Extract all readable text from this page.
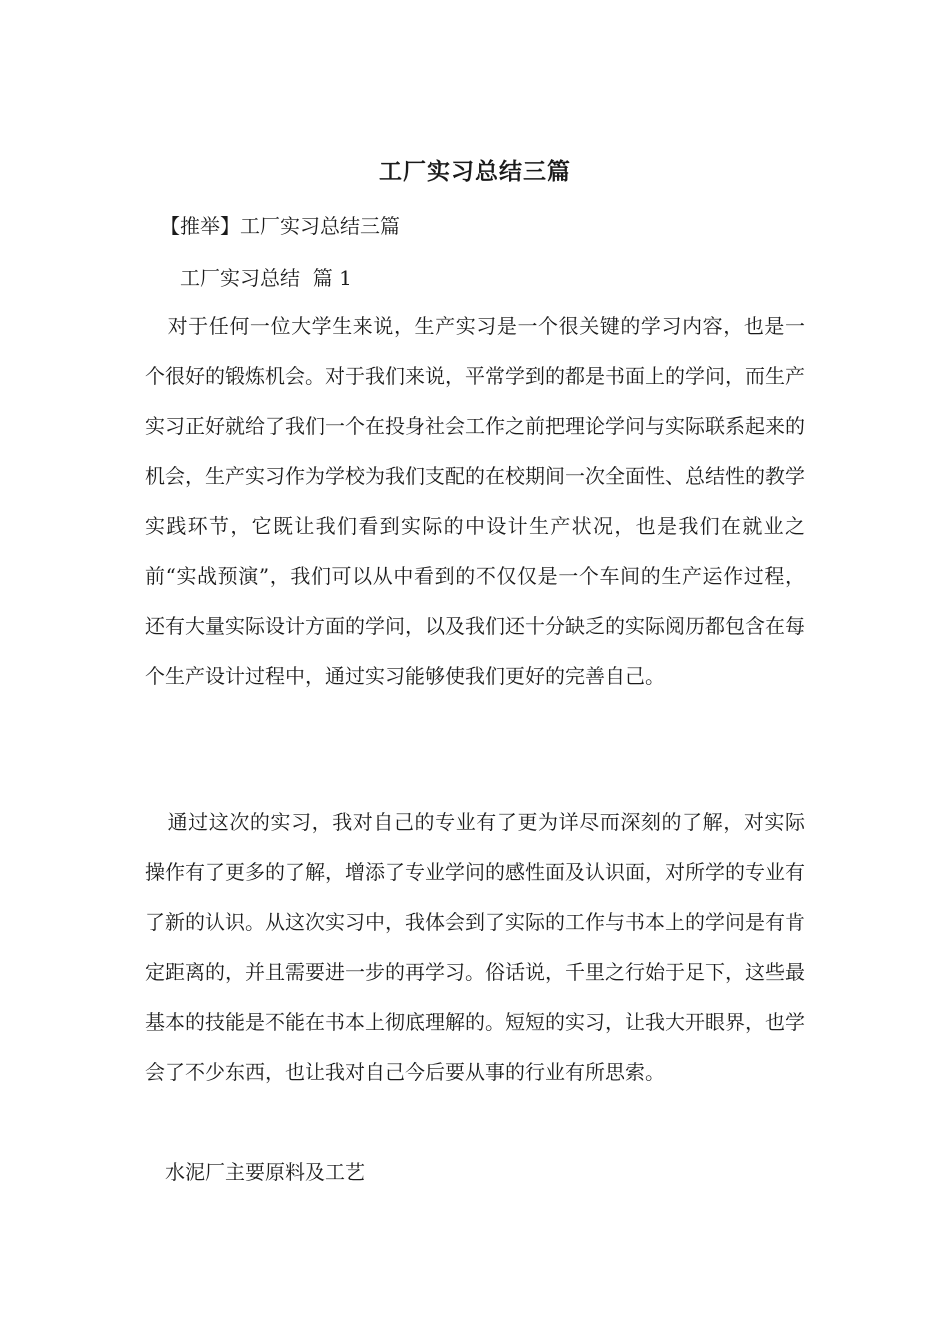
工厂实习总结三篇
【推举】工厂实习总结三篇
工厂实习总结  篇 1
对于任何一位大学生来说，生产实习是一个很关键的学习内容，也是一个很好的锻炼机会。对于我们来说，平常学到的都是书面上的学问，而生产实习正好就给了我们一个在投身社会工作之前把理论学问与实际联系起来的机会，生产实习作为学校为我们支配的在校期间一次全面性、总结性的教学实践环节，它既让我们看到实际的中设计生产状况，也是我们在就业之前“实战预演”，我们可以从中看到的不仅仅是一个车间的生产运作过程，还有大量实际设计方面的学问，以及我们还十分缺乏的实际阅历都包含在每个生产设计过程中，通过实习能够使我们更好的完善自己。
通过这次的实习，我对自己的专业有了更为详尽而深刻的了解，对实际操作有了更多的了解，增添了专业学问的感性面及认识面，对所学的专业有了新的认识。从这次实习中，我体会到了实际的工作与书本上的学问是有肯定距离的，并且需要进一步的再学习。俗话说，千里之行始于足下，这些最基本的技能是不能在书本上彻底理解的。短短的实习，让我大开眼界，也学会了不少东西，也让我对自己今后要从事的行业有所思索。
水泥厂主要原料及工艺
